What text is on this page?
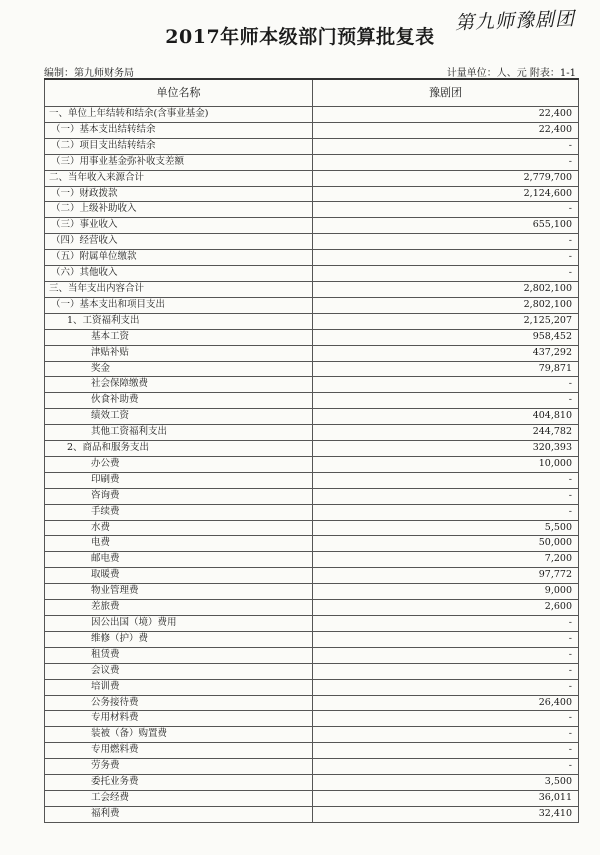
2017年师本级部门预算批复表
第九师豫剧团
编制：第九师财务局	计量单位：人、元 附表：1-1
单位名称	豫剧团
一、单位上年结转和结余(含事业基金)	22,400
（一）基本支出结转结余	22,400
（二）项目支出结转结余	-
（三）用事业基金弥补收支差额	-
二、当年收入来源合计	2,779,700
（一）财政拨款	2,124,600
（二）上级补助收入	-
（三）事业收入	655,100
（四）经营收入	-
（五）附属单位缴款	-
（六）其他收入	-
三、当年支出内容合计	2,802,100
（一）基本支出和项目支出	2,802,100
1、工资福利支出	2,125,207
基本工资	958,452
津贴补贴	437,292
奖金	79,871
社会保障缴费	-
伙食补助费	-
绩效工资	404,810
其他工资福利支出	244,782
2、商品和服务支出	320,393
办公费	10,000
印刷费	-
咨询费	-
手续费	-
水费	5,500
电费	50,000
邮电费	7,200
取暖费	97,772
物业管理费	9,000
差旅费	2,600
因公出国（境）费用	-
维修（护）费	-
租赁费	-
会议费	-
培训费	-
公务接待费	26,400
专用材料费	-
装被（备）购置费	-
专用燃料费	-
劳务费	-
委托业务费	3,500
工会经费	36,011
福利费	32,410
